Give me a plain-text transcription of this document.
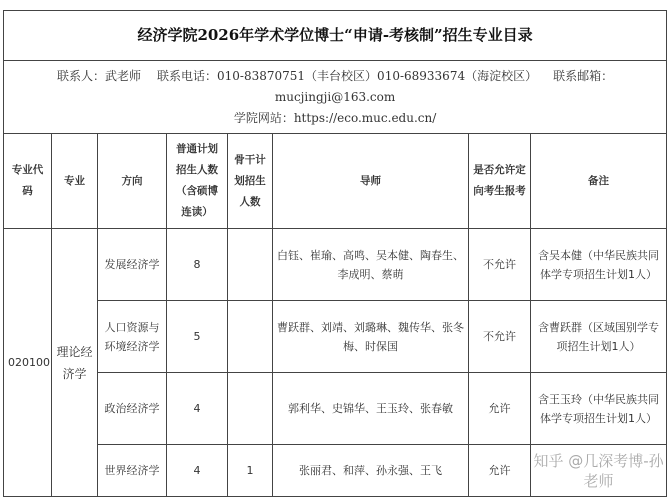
经济学院2026年学术学位博士“申请-考核制”招生专业目录							

联系人：武老师 联系电话：010-83870751（丰台校区）010-68933674（海淀校区） 联系邮箱：
mucjingji@163.com
学院网站：https://eco.muc.edu.cn/							

专业代码	专业	方向	普通计划招生人数（含硕博连读）	骨干计划招生人数	导师	是否允许定向考生报考	备注
020100	理论经济学	发展经济学	8		白钰、崔瑜、高鸣、吴本健、陶春生、李成明、蔡萌	不允许	含吴本健（中华民族共同体学专项招生计划1人）
		人口资源与环境经济学	5		曹跃群、刘靖、刘璐琳、魏传华、张冬梅、时保国	不允许	含曹跃群（区域国别学专项招生计划1人）
		政治经济学	4		郭利华、史锦华、王玉玲、张春敏	允许	含王玉玲（中华民族共同体学专项招生计划1人）
		世界经济学	4	1	张丽君、和萍、孙永强、王飞	允许	知乎 @几深考博-孙老师
